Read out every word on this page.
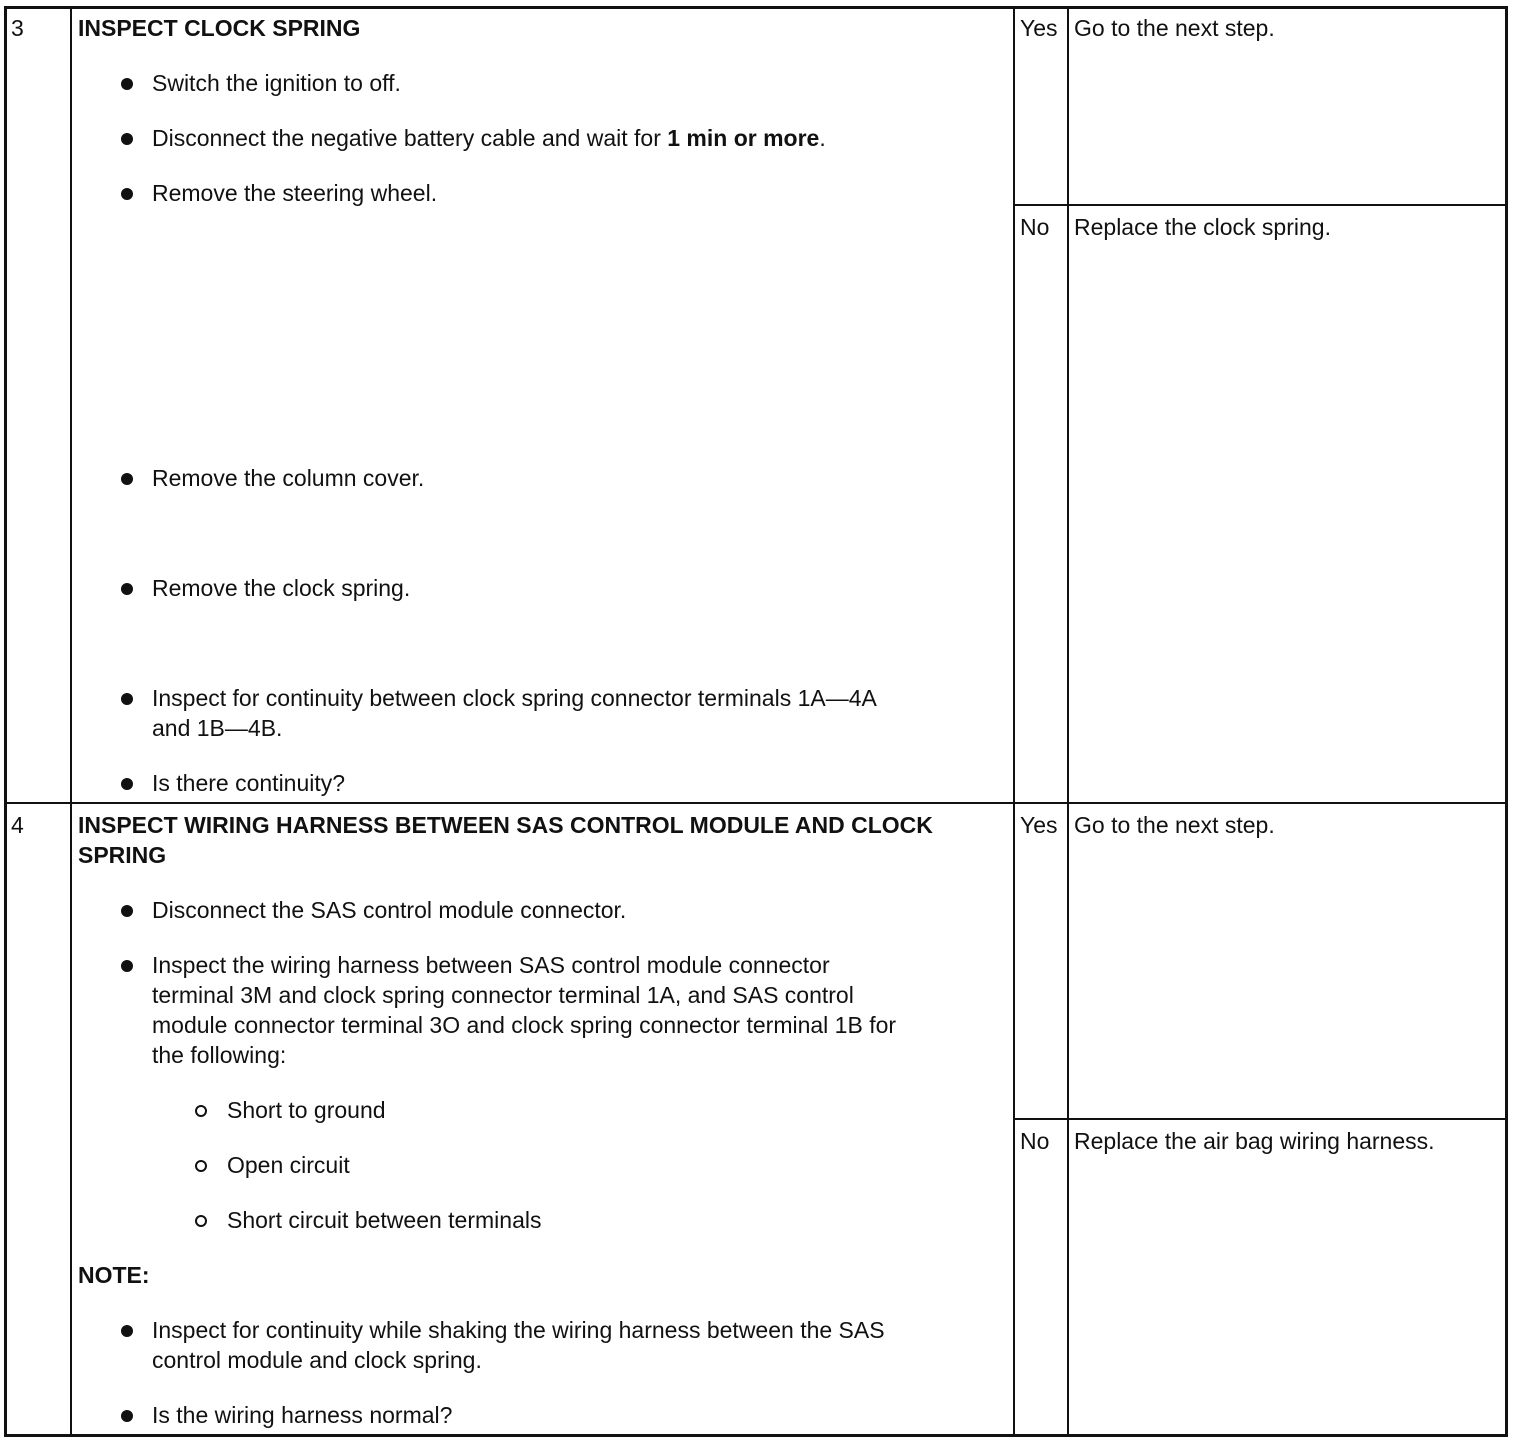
3 INSPECT CLOCK SPRING
Switch the ignition to off.
Disconnect the negative battery cable and wait for 1 min or more.
Remove the steering wheel.
Remove the column cover.
Remove the clock spring.
Inspect for continuity between clock spring connector terminals 1A—4A
and 1B—4B.
Is there continuity?
Yes Go to the next step.
No Replace the clock spring.
4 INSPECT WIRING HARNESS BETWEEN SAS CONTROL MODULE AND CLOCK
SPRING
Disconnect the SAS control module connector.
Inspect the wiring harness between SAS control module connector
terminal 3M and clock spring connector terminal 1A, and SAS control
module connector terminal 3O and clock spring connector terminal 1B for
the following:
Short to ground
Open circuit
Short circuit between terminals
NOTE:
Inspect for continuity while shaking the wiring harness between the SAS
control module and clock spring.
Is the wiring harness normal?
Yes Go to the next step.
No Replace the air bag wiring harness.
